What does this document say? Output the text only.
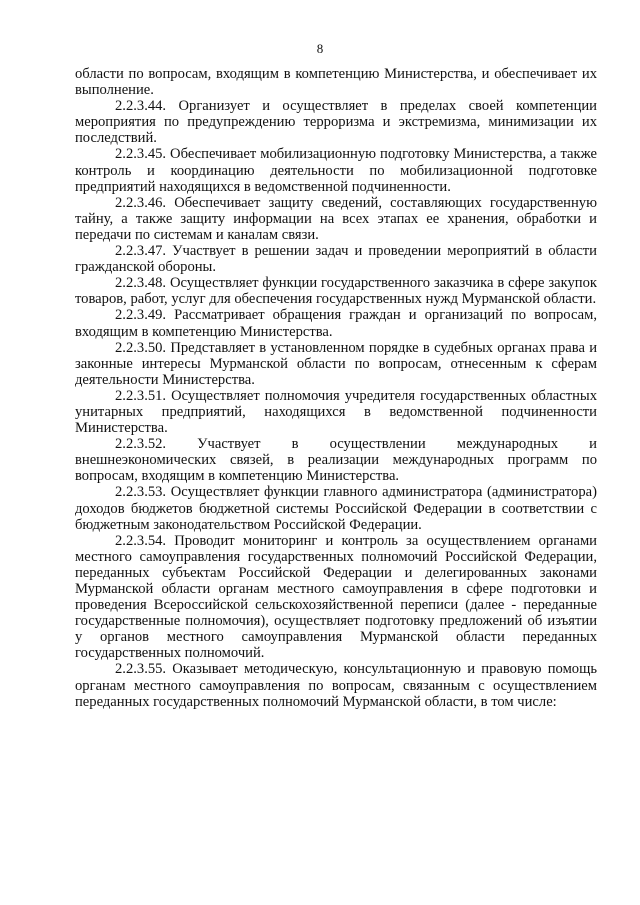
8

области по вопросам, входящим в компетенцию Министерства, и обеспечивает их выполнение.

2.2.3.44. Организует и осуществляет в пределах своей компетенции мероприятия по предупреждению терроризма и экстремизма, минимизации их последствий.

2.2.3.45. Обеспечивает мобилизационную подготовку Министерства, а также контроль и координацию деятельности по мобилизационной подготовке предприятий находящихся в ведомственной подчиненности.

2.2.3.46. Обеспечивает защиту сведений, составляющих государственную тайну, а также защиту информации на всех этапах ее хранения, обработки и передачи по системам и каналам связи.

2.2.3.47. Участвует в решении задач и проведении мероприятий в области гражданской обороны.

2.2.3.48. Осуществляет функции государственного заказчика в сфере закупок товаров, работ, услуг для обеспечения государственных нужд Мурманской области.

2.2.3.49. Рассматривает обращения граждан и организаций по вопросам, входящим в компетенцию Министерства.

2.2.3.50. Представляет в установленном порядке в судебных органах права и законные интересы Мурманской области по вопросам, отнесенным к сферам деятельности Министерства.

2.2.3.51. Осуществляет полномочия учредителя государственных областных унитарных предприятий, находящихся в ведомственной подчиненности Министерства.

2.2.3.52. Участвует в осуществлении международных и внешнеэкономических связей, в реализации международных программ по вопросам, входящим в компетенцию Министерства.

2.2.3.53. Осуществляет функции главного администратора (администратора) доходов бюджетов бюджетной системы Российской Федерации в соответствии с бюджетным законодательством Российской Федерации.

2.2.3.54. Проводит мониторинг и контроль за осуществлением органами местного самоуправления государственных полномочий Российской Федерации, переданных субъектам Российской Федерации и делегированных законами Мурманской области органам местного самоуправления в сфере подготовки и проведения Всероссийской сельскохозяйственной переписи (далее - переданные государственные полномочия), осуществляет подготовку предложений об изъятии у органов местного самоуправления Мурманской области переданных государственных полномочий.

2.2.3.55. Оказывает методическую, консультационную и правовую помощь органам местного самоуправления по вопросам, связанным с осуществлением переданных государственных полномочий Мурманской области, в том числе:
